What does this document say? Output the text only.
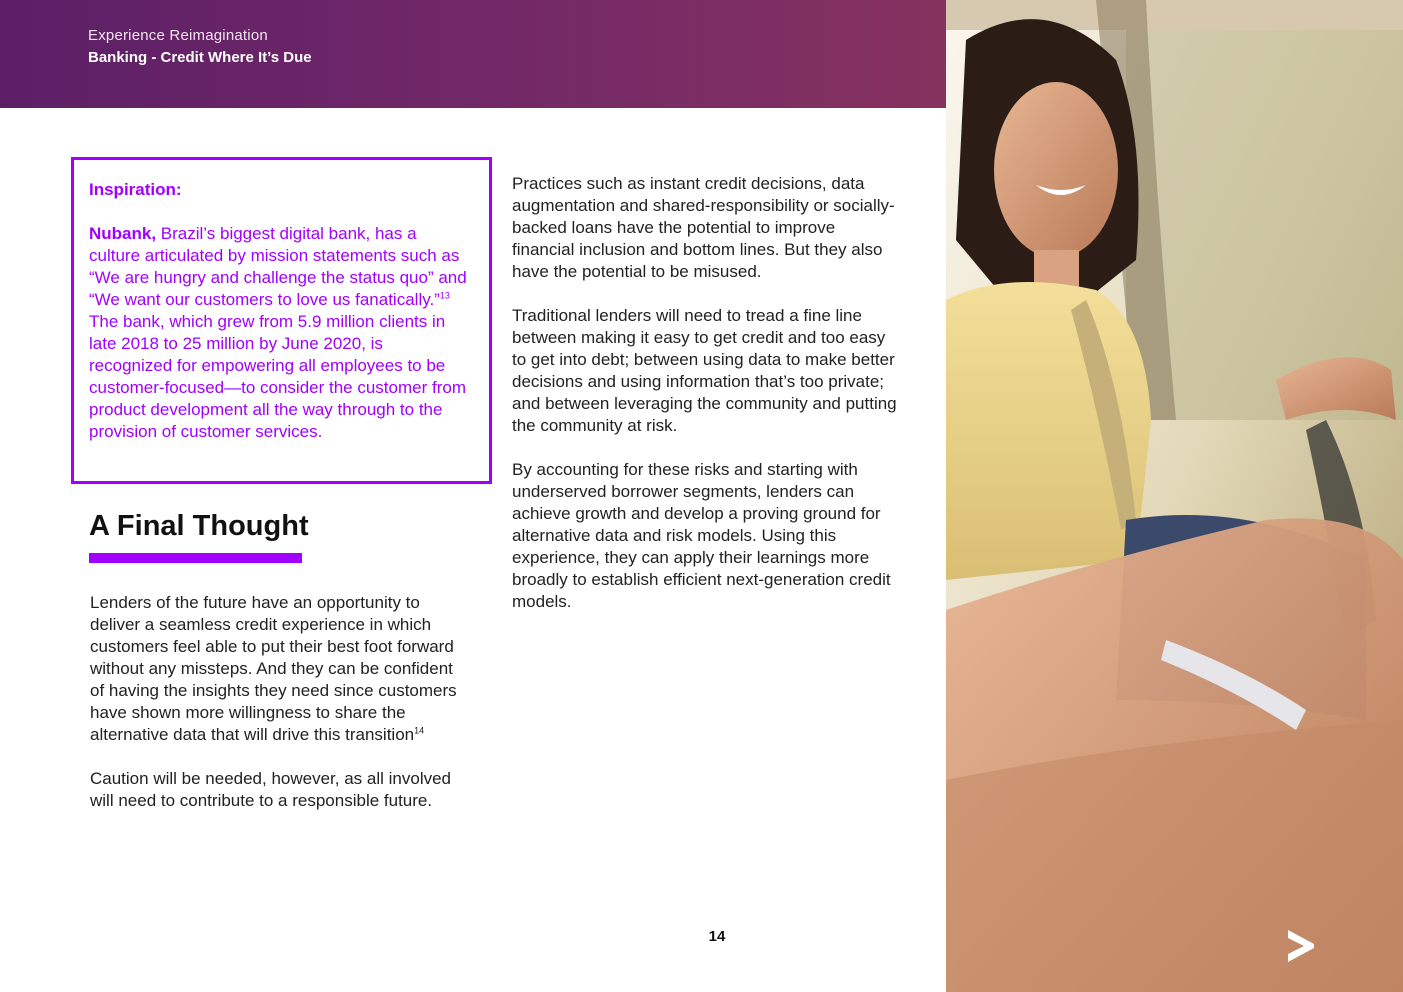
Experience Reimagination
Banking - Credit Where It’s Due
Inspiration:
Nubank, Brazil’s biggest digital bank, has a culture articulated by mission statements such as “We are hungry and challenge the status quo” and “We want our customers to love us fanatically.”$^{13}$ The bank, which grew from 5.9 million clients in late 2018 to 25 million by June 2020, is recognized for empowering all employees to be customer-focused—to consider the customer from product development all the way through to the provision of customer services.
A Final Thought

Lenders of the future have an opportunity to deliver a seamless credit experience in which customers feel able to put their best foot forward without any missteps. And they can be confident of having the insights they need since customers have shown more willingness to share the alternative data that will drive this transition$^{14}$

Caution will be needed, however, as all involved will need to contribute to a responsible future.

Practices such as instant credit decisions, data augmentation and shared-responsibility or socially-backed loans have the potential to improve financial inclusion and bottom lines. But they also have the potential to be misused.

Traditional lenders will need to tread a fine line between making it easy to get credit and too easy to get into debt; between using data to make better decisions and using information that’s too private; and between leveraging the community and putting the community at risk.

By accounting for these risks and starting with underserved borrower segments, lenders can achieve growth and develop a proving ground for alternative data and risk models. Using this experience, they can apply their learnings more broadly to establish efficient next-generation credit models.

14
